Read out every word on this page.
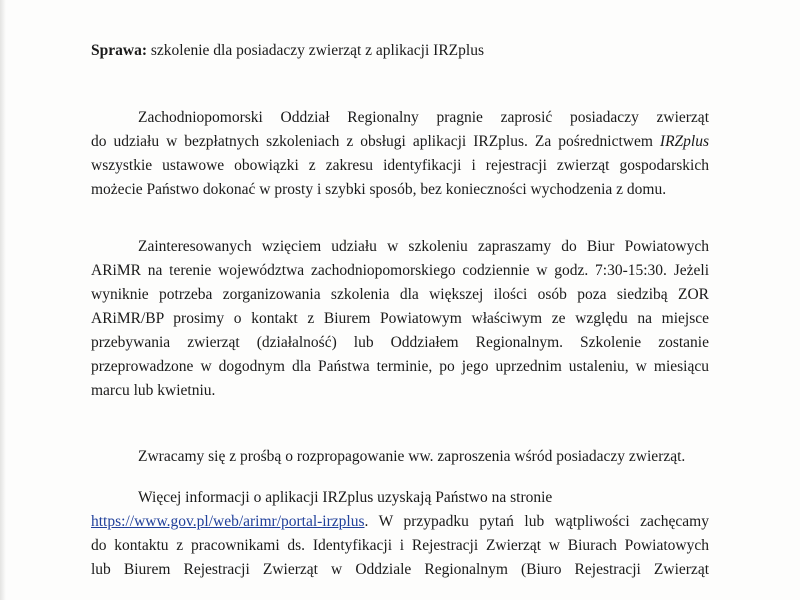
Sprawa: szkolenie dla posiadaczy zwierząt z aplikacji IRZplus
Zachodniopomorski Oddział Regionalny pragnie zaprosić posiadaczy zwierząt
do udziału w bezpłatnych szkoleniach z obsługi aplikacji IRZplus. Za pośrednictwem IRZplus
wszystkie ustawowe obowiązki z zakresu identyfikacji i rejestracji zwierząt gospodarskich
możecie Państwo dokonać w prosty i szybki sposób, bez konieczności wychodzenia z domu.
Zainteresowanych wzięciem udziału w szkoleniu zapraszamy do Biur Powiatowych
ARiMR na terenie województwa zachodniopomorskiego codziennie w godz. 7:30-15:30. Jeżeli
wyniknie potrzeba zorganizowania szkolenia dla większej ilości osób poza siedzibą ZOR
ARiMR/BP prosimy o kontakt z Biurem Powiatowym właściwym ze względu na miejsce
przebywania zwierząt (działalność) lub Oddziałem Regionalnym. Szkolenie zostanie
przeprowadzone w dogodnym dla Państwa terminie, po jego uprzednim ustaleniu, w miesiącu
marcu lub kwietniu.
Zwracamy się z prośbą o rozpropagowanie ww. zaproszenia wśród posiadaczy zwierząt.
Więcej informacji o aplikacji IRZplus uzyskają Państwo na stronie
https://www.gov.pl/web/arimr/portal-irzplus. W przypadku pytań lub wątpliwości zachęcamy
do kontaktu z pracownikami ds. Identyfikacji i Rejestracji Zwierząt w Biurach Powiatowych
lub Biurem Rejestracji Zwierząt w Oddziale Regionalnym (Biuro Rejestracji Zwierząt
